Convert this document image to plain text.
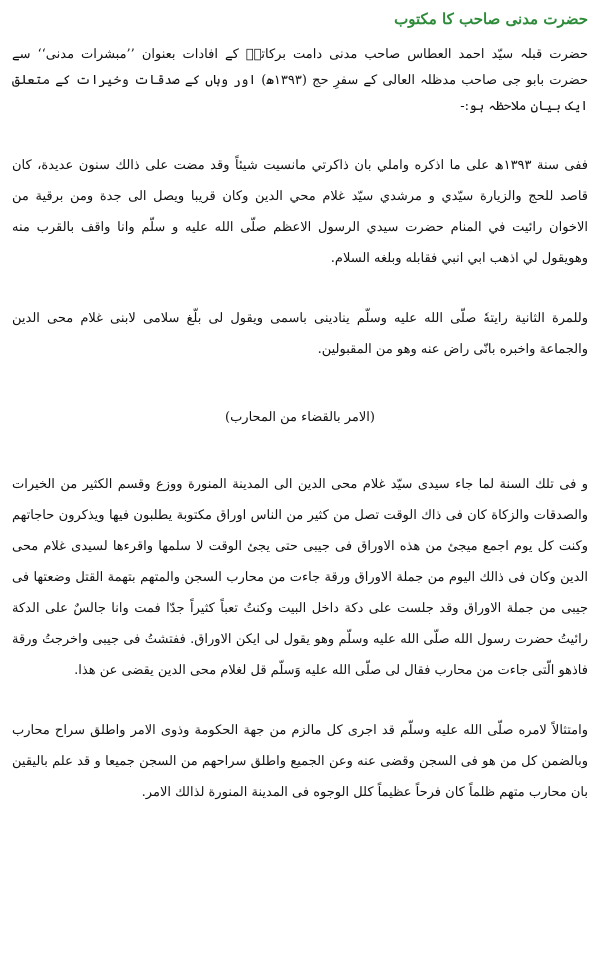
حضرت مدنی صاحب کا مکتوب

حضرت قبلہ سیّد احمد العطاس صاحب مدنی دامت برکاتہٗ کے افادات بعنوان ’’مبشرات مدنی‘‘ سے حضرت بابو جی صاحب مدظلہ العالی کے سفرِ حج (۱۳۹۳ھ) اور وہاں کے صدقات وخیرات کے متعلق ایک بیان ملاحظہ ہو:-

ففی سنة ۱۳۹۳ھ على ما اذكره واملي بان ذاكرتي مانسيت شيئاً وقد مضت على ذالك سنون عديدة، كان قاصد للحج والزيارة سيّدي و مرشدي سيّد غلام محي الدين وكان قريبا ويصل الى جدة ومن برقية من الاخوان رائيت في المنام حضرت سيدي الرسول الاعظم صلّى الله عليه و سلّم وانا واقف بالقرب منه وهويقول لي اذهب ابي انبي فقابله وبلغه السلام.

وللمرة الثانية رايتهٗ صلّى الله عليه وسلّم ينادينى باسمى ويقول لى بلّغ سلامى لابنى غلام محى الدين والجماعة واخبره بانّى راض عنه وهو من المقبولين.

(الامر بالقضاء من المحارب)

و فى تلك السنة لما جاء سيدى سيّد غلام محى الدين الى المدينة المنورة ووزع وقسم الكثير من الخيرات والصدقات والزكاة كان فى ذاك الوقت تصل من كثير من الناس اوراق مكتوبة يطلبون فيها ويذكرون حاجاتهم وكنت كل يوم اجمع ميجئ من هذه الاوراق فى جيبى حتى يجئ الوقت لا سلمها واقرءها لسيدى غلام محى الدين وكان فى ذالك اليوم من جملة الاوراق ورقة جاءت من محارب السجن والمتهم بتهمة القتل وضعتها فى جيبى من جملة الاوراق وقد جلست على دكة داخل البيت وكنتُ تعباً كثيراً جدّا فمت وانا جالسٌ على الدكة رائيتُ حضرت رسول الله صلّى الله عليه وسلّم وهو يقول لى ايكن الاوراق. ففتشتُ فى جيبى واخرجتُ ورقة فاذهو الّتى جاءت من محارب فقال لى صلّى الله عليه وَسلّم قل لغلام محى الدين يقضى عن هذا.

وامتثالاً لامره صلّى الله عليه وسلّم قد اجرى كل مالزم من جهة الحكومة وذوى الامر واطلق سراح محارب وبالضمن كل من هو فى السجن وقضى عنه وعن الجميع واطلق سراحهم من السجن جميعا و قد علم باليقين بان محارب متهم ظلماً كان فرحاً عظيماً كلل الوجوه فى المدينة المنورة لذالك الامر.
